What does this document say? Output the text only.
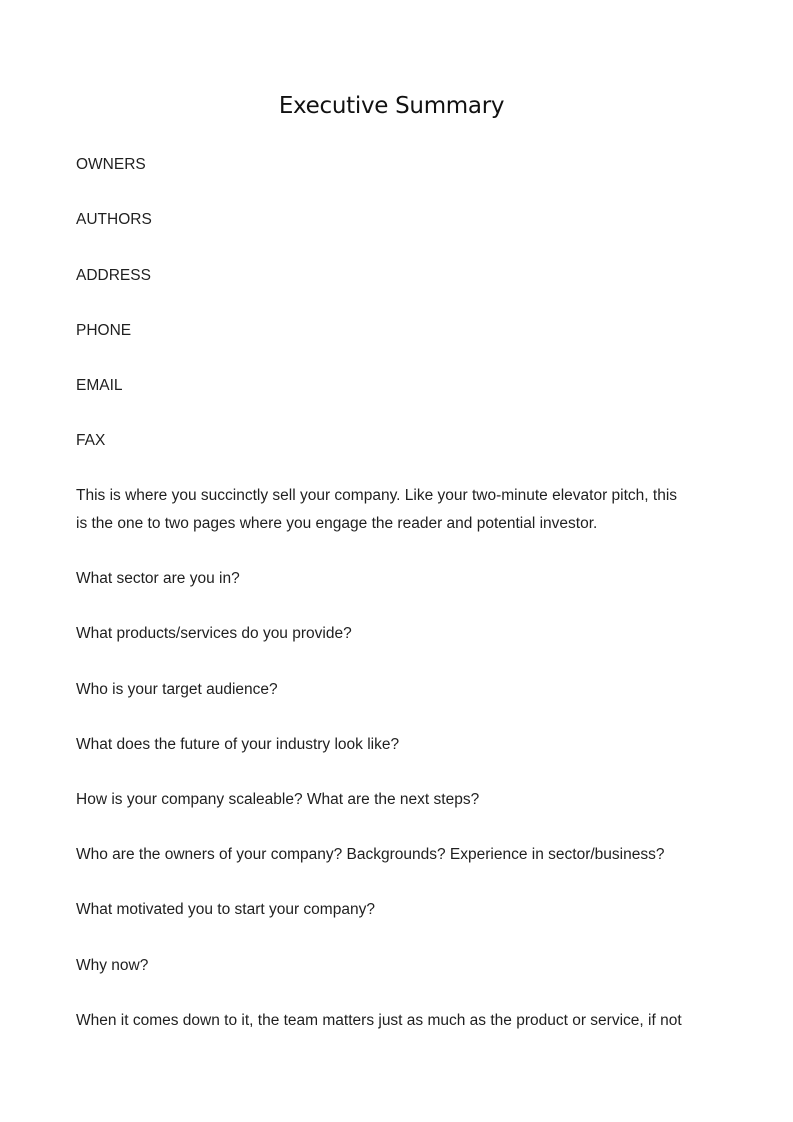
Executive Summary

OWNERS

AUTHORS

ADDRESS

PHONE

EMAIL

FAX

This is where you succinctly sell your company. Like your two-minute elevator pitch, this

is the one to two pages where you engage the reader and potential investor.

What sector are you in?

What products/services do you provide?

Who is your target audience?

What does the future of your industry look like?

How is your company scaleable? What are the next steps?

Who are the owners of your company? Backgrounds? Experience in sector/business?

What motivated you to start your company?

Why now?

When it comes down to it, the team matters just as much as the product or service, if not
